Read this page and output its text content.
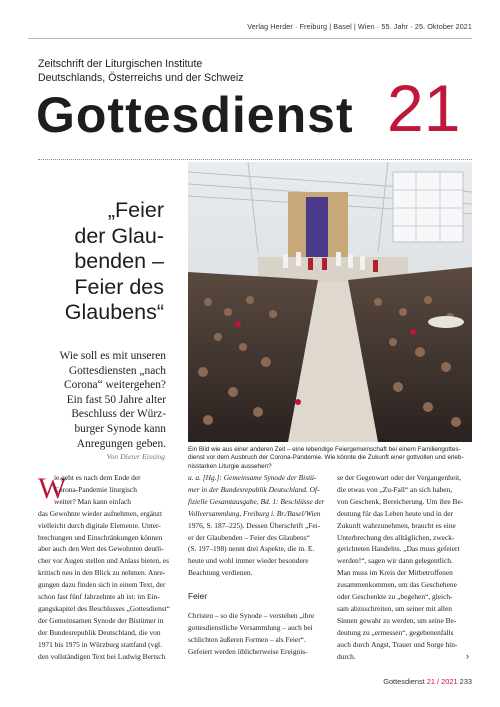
Verlag Herder · Freiburg | Basel | Wien · 55. Jahr · 25. Oktober 2021
Zeitschrift der Liturgischen Institute
Deutschlands, Österreichs und der Schweiz
Gottesdienst 21
„Feier
der Glau-
benden –
Feier des
Glaubens“
Wie soll es mit unseren
Gottesdiensten „nach
Corona“ weitergehen?
Ein fast 50 Jahre alter
Beschluss der Würz-
burger Synode kann
Anregungen geben.
Von Dieter Eissing
Ein Bild wie aus einer anderen Zeit – eine lebendige Feiergemeinschaft bei einem Familiengottes-
dienst vor dem Ausbruch der Corona-Pandemie. Wie könnte die Zukunft einer gottvollen und erleb-
nisstarken Liturgie aussehen?
W
ie geht es nach dem Ende der
Corona-Pandemie liturgisch
weiter? Man kann einfach
das Gewohnte wieder aufnehmen, ergänzt
vielleicht durch digitale Elemente. Unter-
brechungen und Einschränkungen können
aber auch den Wert des Gewohnten deutli-
cher vor Augen stellen und Anlass bieten, es
kritisch neu in den Blick zu nehmen. Anre-
gungen dazu finden sich in einem Text, der
schon fast fünf Jahrzehnte alt ist: im Ein-
gangskapitel des Beschlusses „Gottesdienst“
der Gemeinsamen Synode der Bistümer in
der Bundesrepublik Deutschland, die von
1971 bis 1975 in Würzburg stattfand (vgl.
den vollständigen Text bei Ludwig Bertsch
u. a. [Hg.]: Gemeinsame Synode der Bistü-
mer in der Bundesrepublik Deutschland. Of-
fizielle Gesamtausgabe, Bd. 1: Beschlüsse der
Vollversammlung, Freiburg i. Br./Basel/Wien
1976, S. 187–225). Dessen Überschrift „Fei-
er der Glaubenden – Feier des Glaubens“
(S. 197–198) nennt drei Aspekte, die m. E.
heute und wohl immer wieder besondere
Beachtung verdienen.
Feier
Christen – so die Synode – verstehen „ihre
gottesdienstliche Versammlung – auch bei
schlichten äußeren Formen – als Feier“.
Gefeiert werden üblicherweise Ereignis-
se der Gegenwart oder der Vergangenheit,
die etwas von „Zu-Fall“ an sich haben,
von Geschenk, Bereicherung. Um ihre Be-
deutung für das Leben heute und in der
Zukunft wahrzunehmen, braucht es eine
Unterbrechung des alltäglichen, zweck-
gerichteten Handelns. „Das muss gefeiert
werden!“, sagen wir dann gelegentlich.
Man muss im Kreis der Mitbetroffenen
zusammenkommen, um das Geschehene
oder Geschenkte zu „begehen“, gleich-
sam abzuschreiten, um seiner mit allen
Sinnen gewahr zu werden, um seine Be-
deutung zu „ermessen“, gegebenenfalls
auch durch Angst, Trauer und Sorge hin-
durch.	›
Gottesdienst 21 / 2021 233
